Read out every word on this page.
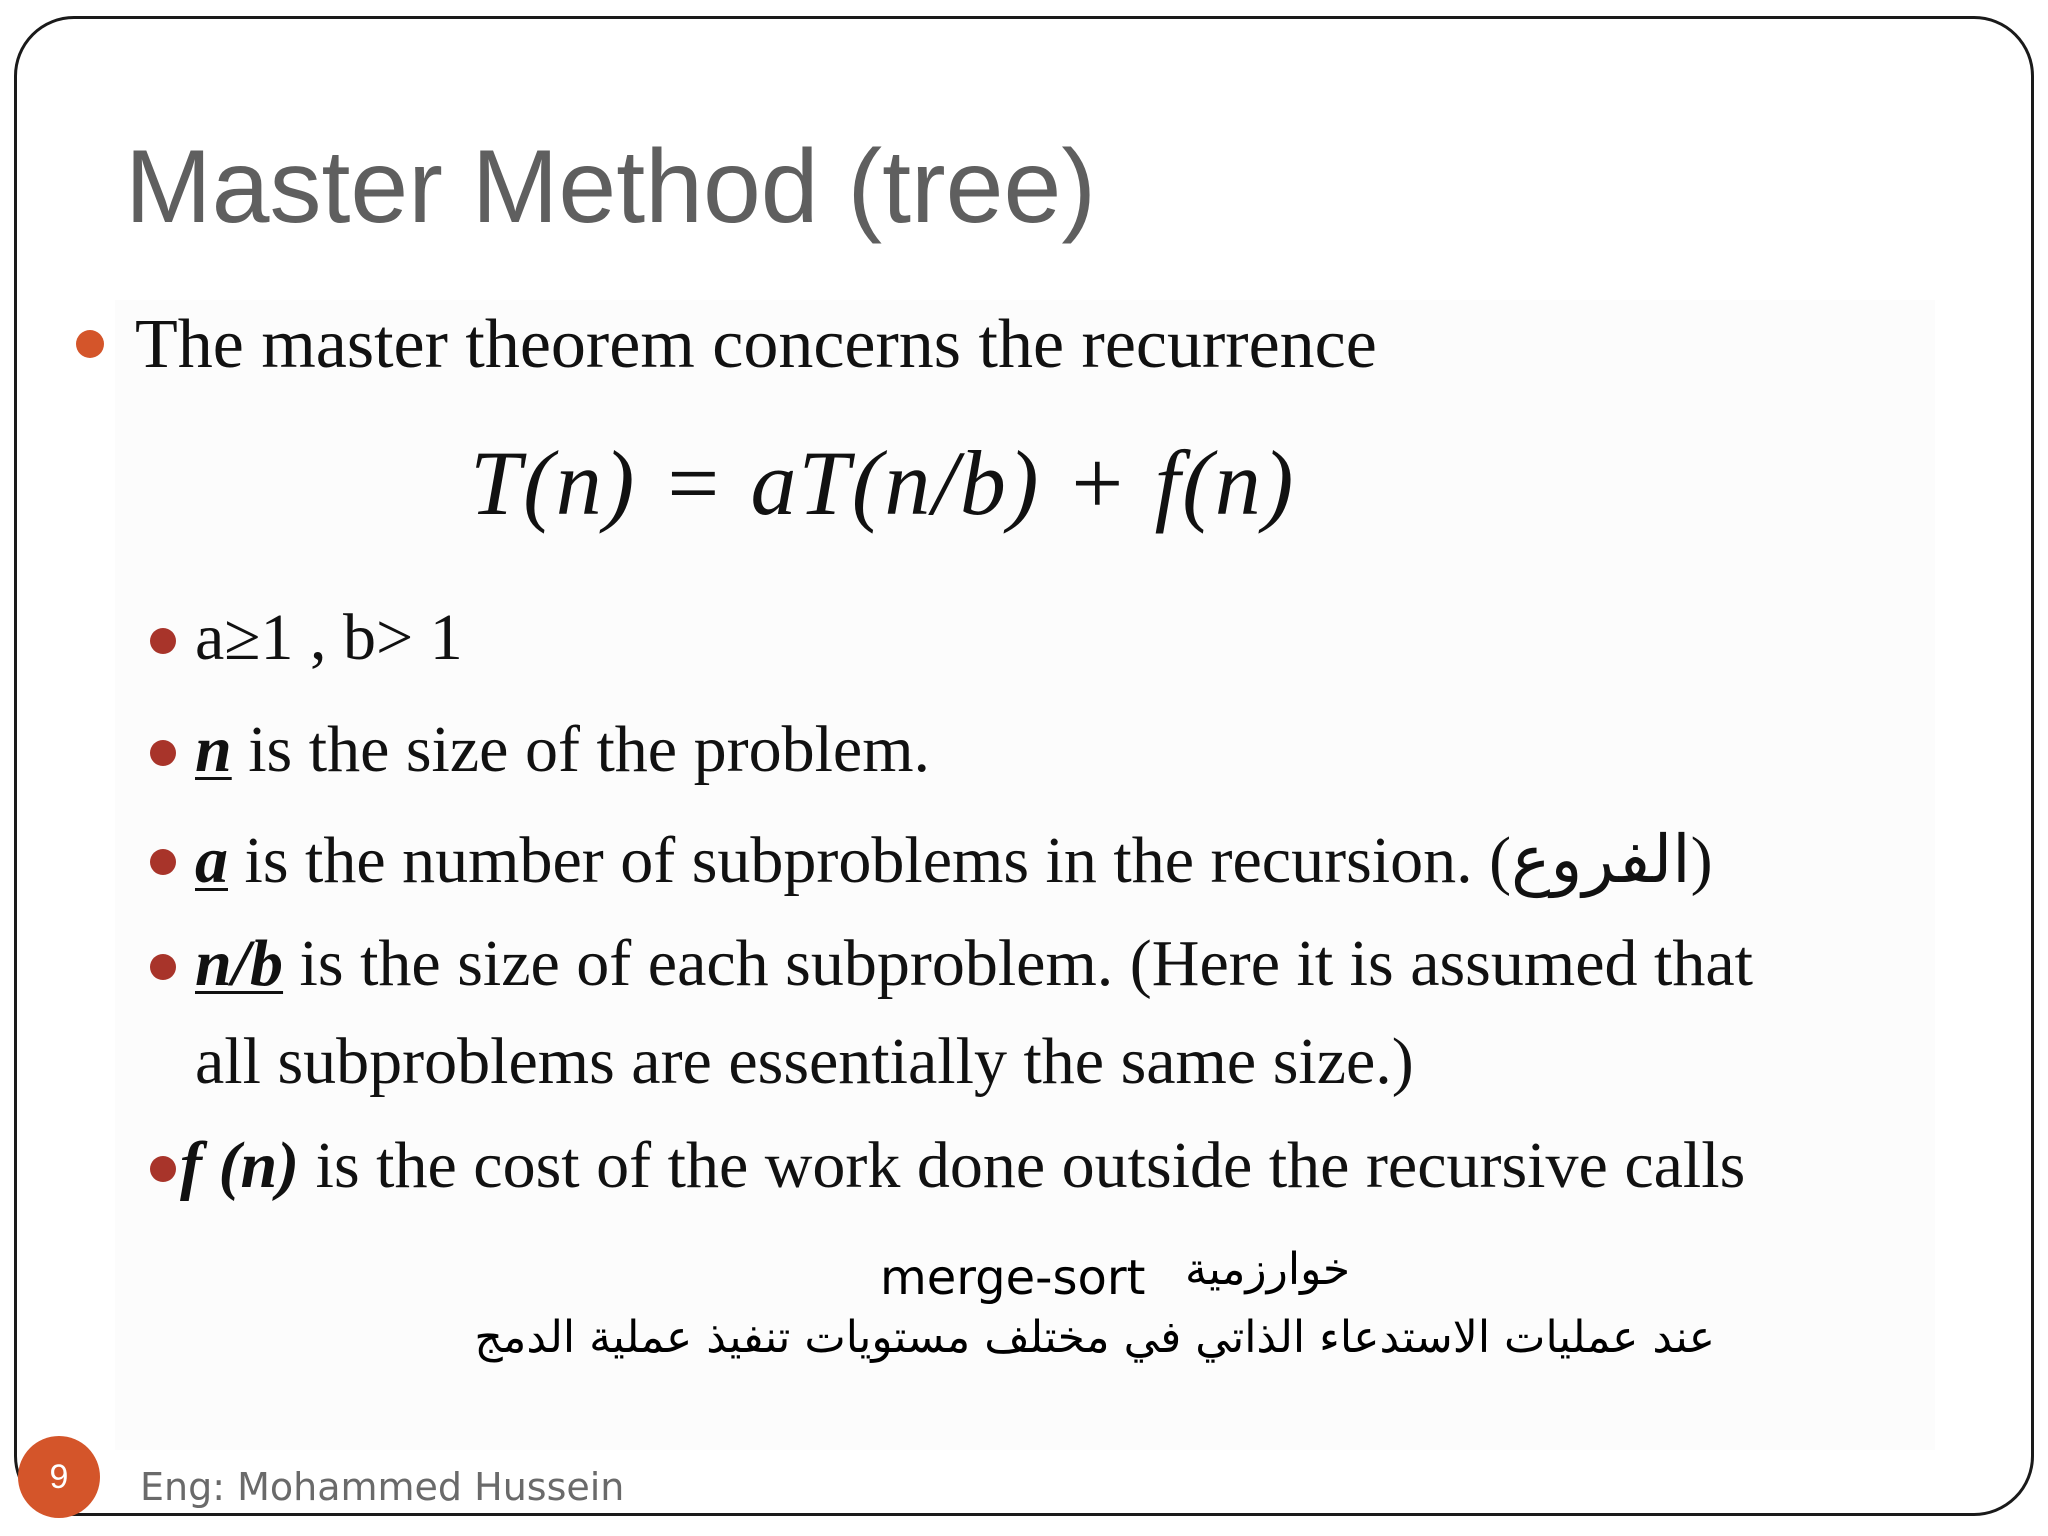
Master Method (tree)
The master theorem concerns the recurrence
T(n) = aT(n/b) + f(n)
a≥1 , b> 1
n is the size of the problem.
a is the number of subproblems in the recursion. (الفروع)
n/b is the size of each subproblem. (Here it is assumed that
all subproblems are essentially the same size.)
f (n) is the cost of the work done outside the recursive calls
merge-sort خوارزمية
عند عمليات الاستدعاء الذاتي في مختلف مستويات تنفيذ عملية الدمج
9	Eng: Mohammed Hussein
